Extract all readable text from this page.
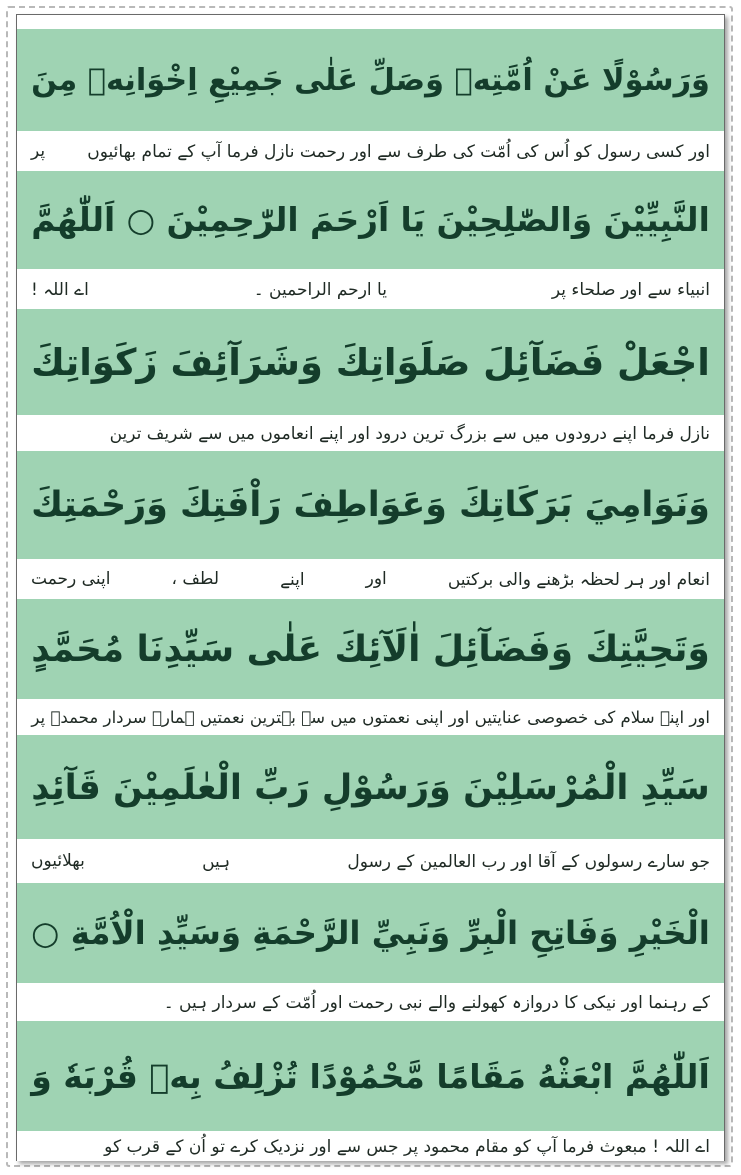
وَرَسُوْلًا عَنْ اُمَّتِهٖ وَصَلِّ عَلٰى جَمِيْعِ اِخْوَانِهٖ مِنَ
اور کسی رسول کو اُس کی اُمّت کی طرف سے اور رحمت نازل فرما آپ کے تمام بھائیوں
پر
النَّبِيِّيْنَ وَالصّٰلِحِيْنَ يَا اَرْحَمَ الرّٰحِمِيْنَ ○ اَللّٰهُمَّ
انبیاء سے اور صلحاء پر
یا ارحم الراحمین ۔
اے اللہ !
اجْعَلْ فَضَآئِلَ صَلَوَاتِكَ وَشَرَآئِفَ زَكَوَاتِكَ
نازل فرما اپنے درودوں میں سے بزرگ ترین درود اور اپنے انعاموں میں سے شریف ترین
وَنَوَامِيَ بَرَكَاتِكَ وَعَوَاطِفَ رَاْفَتِكَ وَرَحْمَتِكَ
انعام اور ہر لحظہ بڑھنے والی برکتیں
اور
اپنے
لطف ،
اپنی رحمت
وَتَحِيَّتِكَ وَفَضَآئِلَ اٰلَآئِكَ عَلٰى سَيِّدِنَا مُحَمَّدٍ
اور اپنے سلام کی خصوصی عنایتیں اور اپنی نعمتوں میں سے بہترین نعمتیں ہمارے سردار محمدؐ پر
سَيِّدِ الْمُرْسَلِيْنَ وَرَسُوْلِ رَبِّ الْعٰلَمِيْنَ قَآئِدِ
جو سارے رسولوں کے آقا اور رب العالمین کے رسول
ہیں
بھلائیوں
الْخَيْرِ وَفَاتِحِ الْبِرِّ وَنَبِيِّ الرَّحْمَةِ وَسَيِّدِ الْاُمَّةِ ○
کے رہنما اور نیکی کا دروازہ کھولنے والے نبی رحمت اور اُمّت کے سردار ہیں ۔
اَللّٰهُمَّ ابْعَثْهُ مَقَامًا مَّحْمُوْدًا تُزْلِفُ بِهٖ قُرْبَهٗ وَ
اے اللہ ! مبعوث فرما آپ کو مقام محمود پر جس سے اور نزدیک کرے تو اُن کے قرب کو
